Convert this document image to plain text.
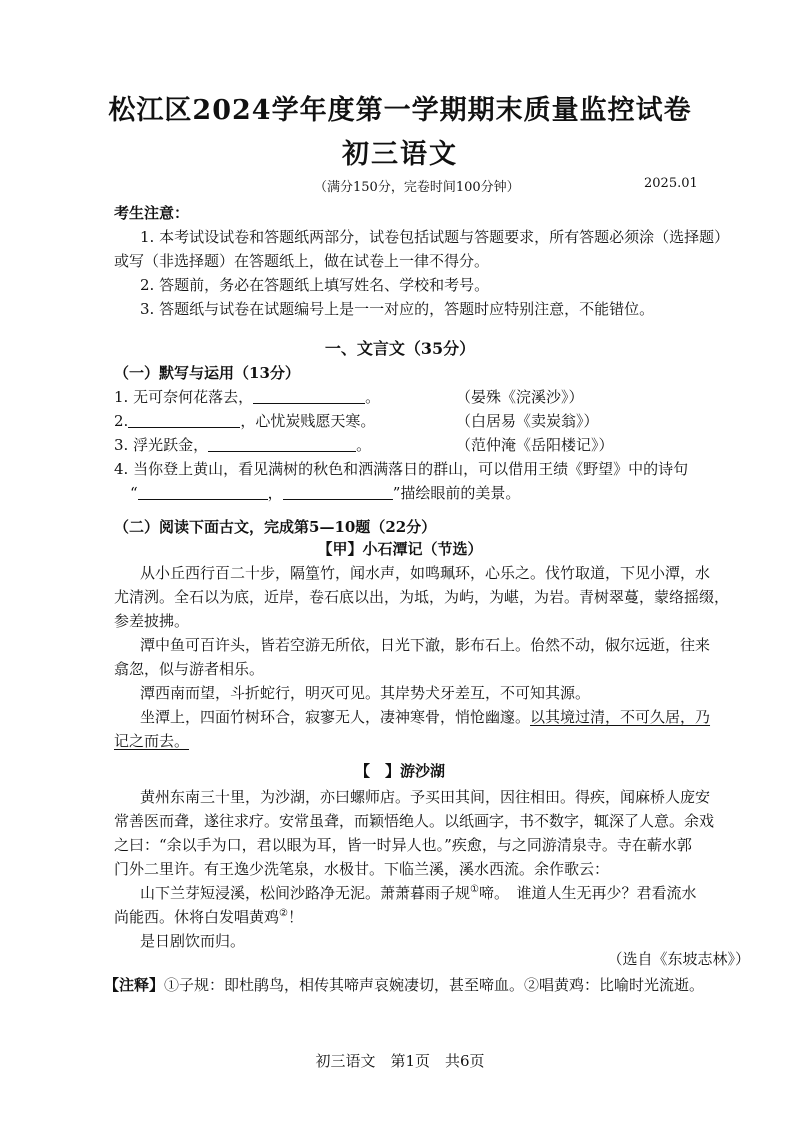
松江区2024学年度第一学期期末质量监控试卷
初三语文
（满分150分，完卷时间100分钟）	2025.01
考生注意：
1. 本考试设试卷和答题纸两部分，试卷包括试题与答题要求，所有答题必须涂（选择题）
或写（非选择题）在答题纸上，做在试卷上一律不得分。
2. 答题前，务必在答题纸上填写姓名、学校和考号。
3. 答题纸与试卷在试题编号上是一一对应的，答题时应特别注意，不能错位。
一、文言文（35分）
（一）默写与运用（13分）
1. 无可奈何花落去，	。	（晏殊《浣溪沙》）
2.	，心忧炭贱愿天寒。	（白居易《卖炭翁》）
3. 浮光跃金，	。	（范仲淹《岳阳楼记》）
4. 当你登上黄山，看见满树的秋色和洒满落日的群山，可以借用王绩《野望》中的诗句
“	，	”描绘眼前的美景。
（二）阅读下面古文，完成第5—10题（22分）
【甲】小石潭记（节选）
从小丘西行百二十步，隔篁竹，闻水声，如鸣珮环，心乐之。伐竹取道，下见小潭，水
尤清洌。全石以为底，近岸，卷石底以出，为坻，为屿，为嵁，为岩。青树翠蔓，蒙络摇缀，
参差披拂。
潭中鱼可百许头，皆若空游无所依，日光下澈，影布石上。佁然不动，俶尔远逝，往来
翕忽，似与游者相乐。
潭西南而望，斗折蛇行，明灭可见。其岸势犬牙差互，不可知其源。
坐潭上，四面竹树环合，寂寥无人，凄神寒骨，悄怆幽邃。以其境过清，不可久居，乃
记之而去。
【　】游沙湖
黄州东南三十里，为沙湖，亦曰螺师店。予买田其间，因往相田。得疾，闻麻桥人庞安
常善医而聋，遂往求疗。安常虽聋，而颖悟绝人。以纸画字，书不数字，辄深了人意。余戏
之曰：“余以手为口，君以眼为耳，皆一时异人也。”疾愈，与之同游清泉寺。寺在蕲水郭
门外二里许。有王逸少洗笔泉，水极甘。下临兰溪，溪水西流。余作歌云：
山下兰芽短浸溪，松间沙路净无泥。萧萧暮雨子规①啼。　谁道人生无再少？君看流水
尚能西。休将白发唱黄鸡②！
是日剧饮而归。
（选自《东坡志林》）
【注释】①子规：即杜鹃鸟，相传其啼声哀婉凄切，甚至啼血。②唱黄鸡：比喻时光流逝。
初三语文　第1页　共6页
